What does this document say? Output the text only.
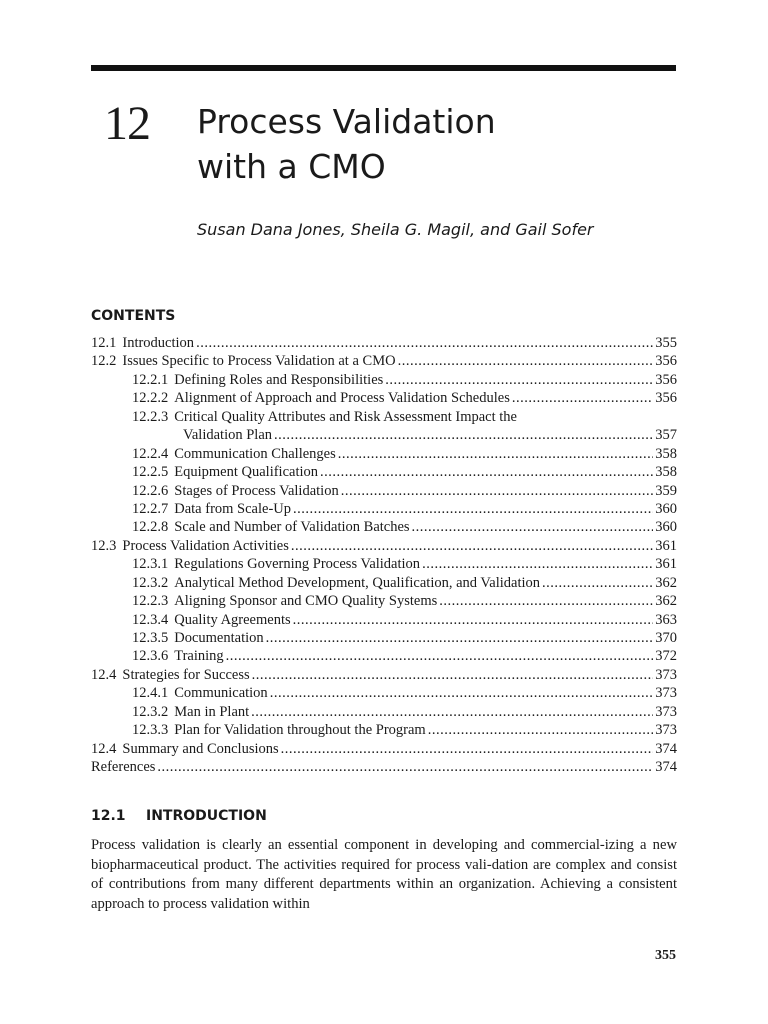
12 Process Validation
with a CMO
Susan Dana Jones, Sheila G. Magil, and Gail Sofer
CONTENTS
12.1 Introduction .....	355
12.2 Issues Specific to Process Validation at a CMO .....	356
12.2.1 Defining Roles and Responsibilities .....	356
12.2.2 Alignment of Approach and Process Validation Schedules .....	356
12.2.3 Critical Quality Attributes and Risk Assessment Impact the
Validation Plan .....	357
12.2.4 Communication Challenges .....	358
12.2.5 Equipment Qualification .....	358
12.2.6 Stages of Process Validation .....	359
12.2.7 Data from Scale-Up .....	360
12.2.8 Scale and Number of Validation Batches .....	360
12.3 Process Validation Activities .....	361
12.3.1 Regulations Governing Process Validation .....	361
12.3.2 Analytical Method Development, Qualification, and Validation .....	362
12.2.3 Aligning Sponsor and CMO Quality Systems .....	362
12.3.4 Quality Agreements .....	363
12.3.5 Documentation .....	370
12.3.6 Training .....	372
12.4 Strategies for Success .....	373
12.4.1 Communication .....	373
12.3.2 Man in Plant .....	373
12.3.3 Plan for Validation throughout the Program .....	373
12.4 Summary and Conclusions .....	374
References .....	374
12.1 INTRODUCTION

Process validation is clearly an essential component in developing and commercial-izing a new biopharmaceutical product. The activities required for process vali-dation are complex and consist of contributions from many different departments within an organization. Achieving a consistent approach to process validation within

355
